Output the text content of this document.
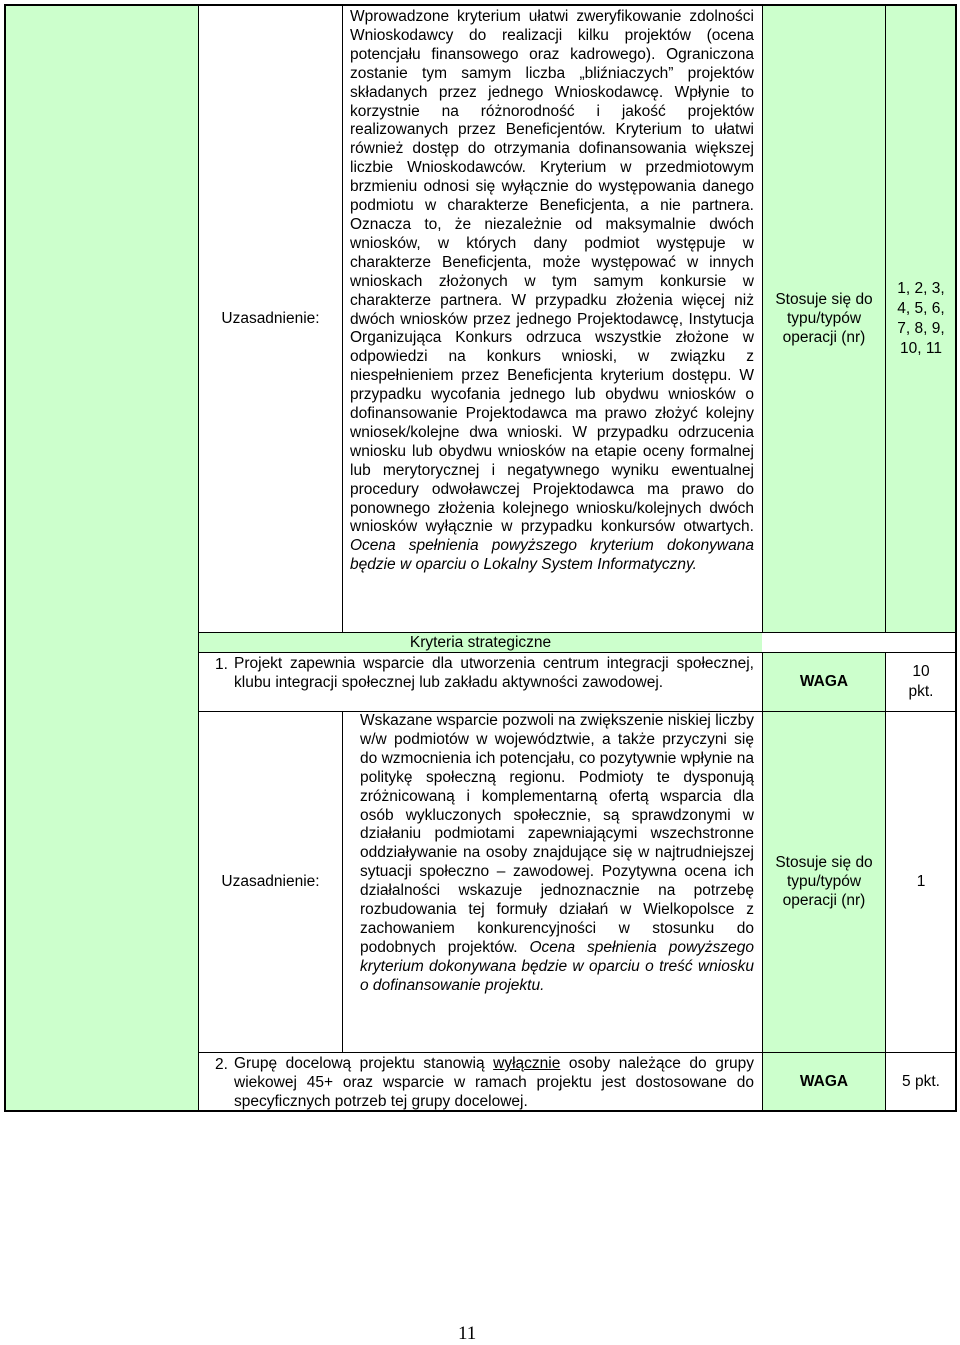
Uzasadnienie:
Wprowadzone kryterium ułatwi zweryfikowanie zdolności Wnioskodawcy do realizacji kilku projektów (ocena potencjału finansowego oraz kadrowego). Ograniczona zostanie tym samym liczba „bliźniaczych” projektów składanych przez jednego Wnioskodawcę. Wpłynie to korzystnie na różnorodność i jakość projektów realizowanych przez Beneficjentów. Kryterium to ułatwi również dostęp do otrzymania dofinansowania większej liczbie Wnioskodawców. Kryterium w przedmiotowym brzmieniu odnosi się wyłącznie do występowania danego podmiotu w charakterze Beneficjenta, a nie partnera. Oznacza to, że niezależnie od maksymalnie dwóch wniosków, w których dany podmiot występuje w charakterze Beneficjenta, może występować w innych wnioskach złożonych w tym samym konkursie w charakterze partnera. W przypadku złożenia więcej niż dwóch wniosków przez jednego Projektodawcę, Instytucja Organizująca Konkurs odrzuca wszystkie złożone w odpowiedzi na konkurs wnioski, w związku z niespełnieniem przez Beneficjenta kryterium dostępu. W przypadku wycofania jednego lub obydwu wniosków o dofinansowanie Projektodawca ma prawo złożyć kolejny wniosek/kolejne dwa wnioski. W przypadku odrzucenia wniosku lub obydwu wniosków na etapie oceny formalnej lub merytorycznej i negatywnego wyniku ewentualnej procedury odwoławczej Projektodawca ma prawo do ponownego złożenia kolejnego wniosku/kolejnych dwóch wniosków wyłącznie w przypadku konkursów otwartych. Ocena spełnienia powyższego kryterium dokonywana będzie w oparciu o Lokalny System Informatyczny.
Stosuje się do typu/typów operacji (nr)
1, 2, 3, 4, 5, 6, 7, 8, 9, 10, 11
Kryteria strategiczne
1. Projekt zapewnia wsparcie dla utworzenia centrum integracji społecznej, klubu integracji społecznej lub zakładu aktywności zawodowej.	WAGA
10 pkt.
Uzasadnienie:
Wskazane wsparcie pozwoli na zwiększenie niskiej liczby w/w podmiotów w województwie, a także przyczyni się do wzmocnienia ich potencjału, co pozytywnie wpłynie na politykę społeczną regionu. Podmioty te dysponują zróżnicowaną i komplementarną ofertą wsparcia dla osób wykluczonych społecznie, są sprawdzonymi w działaniu podmiotami zapewniającymi wszechstronne oddziaływanie na osoby znajdujące się w najtrudniejszej sytuacji społeczno – zawodowej. Pozytywna ocena ich działalności wskazuje jednoznacznie na potrzebę rozbudowania tej formuły działań w Wielkopolsce z zachowaniem konkurencyjności w stosunku do podobnych projektów. Ocena spełnienia powyższego kryterium dokonywana będzie w oparciu o treść wniosku o dofinansowanie projektu.
Stosuje się do typu/typów operacji (nr)
1
2. Grupę docelową projektu stanowią wyłącznie osoby należące do grupy wiekowej 45+ oraz wsparcie w ramach projektu jest dostosowane do specyficznych potrzeb tej grupy docelowej.
WAGA	5 pkt.
11
